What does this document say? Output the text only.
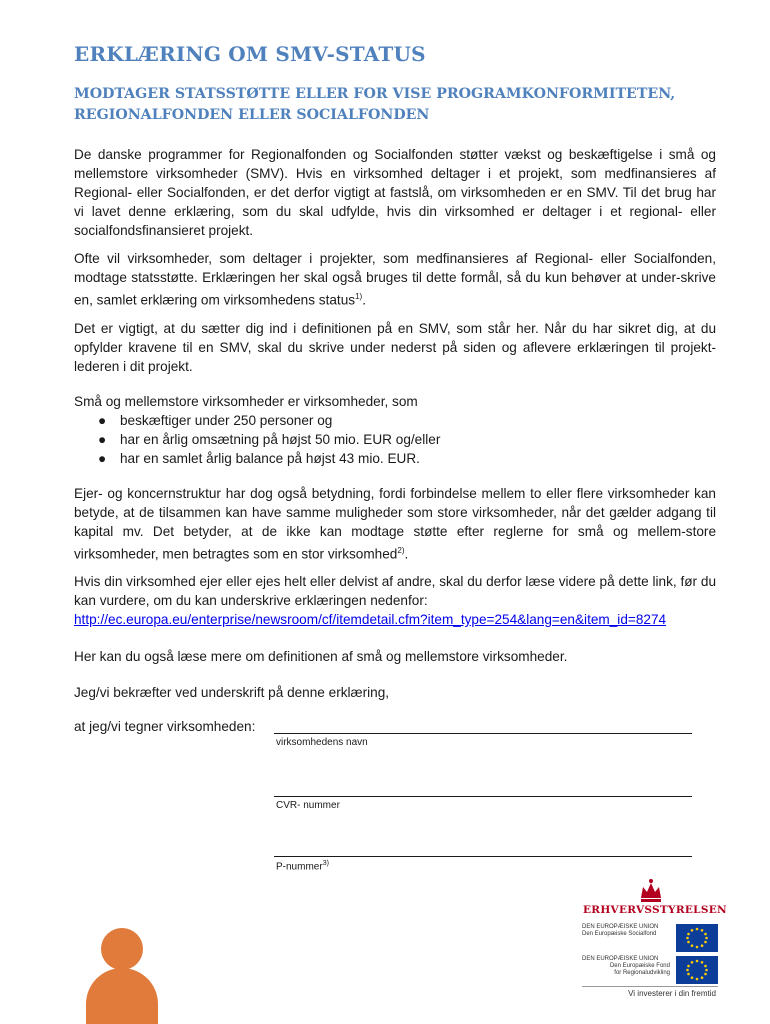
ERKLÆRING OM SMV-STATUS
MODTAGER STATSSTØTTE ELLER FOR VISE PROGRAMKONFORMITETEN, REGIONALFONDEN ELLER SOCIALFONDEN

De danske programmer for Regionalfonden og Socialfonden støtter vækst og beskæftigelse i små og mellemstore virksomheder (SMV). Hvis en virksomhed deltager i et projekt, som medfinansieres af Regional- eller Socialfonden, er det derfor vigtigt at fastslå, om virksomheden er en SMV. Til det brug har vi lavet denne erklæring, som du skal udfylde, hvis din virksomhed er deltager i et regional- eller socialfondsfinansieret projekt.

Ofte vil virksomheder, som deltager i projekter, som medfinansieres af Regional- eller Socialfonden, modtage statsstøtte. Erklæringen her skal også bruges til dette formål, så du kun behøver at under-skrive en, samlet erklæring om virksomhedens status$^{1)}$.

Det er vigtigt, at du sætter dig ind i definitionen på en SMV, som står her. Når du har sikret dig, at du opfylder kravene til en SMV, skal du skrive under nederst på siden og aflevere erklæringen til projekt-lederen i dit projekt.

Små og mellemstore virksomheder er virksomheder, som

● beskæftiger under 250 personer og
● har en årlig omsætning på højst 50 mio. EUR og/eller
● har en samlet årlig balance på højst 43 mio. EUR.

Ejer- og koncernstruktur har dog også betydning, fordi forbindelse mellem to eller flere virksomheder kan betyde, at de tilsammen kan have samme muligheder som store virksomheder, når det gælder adgang til kapital mv. Det betyder, at de ikke kan modtage støtte efter reglerne for små og mellem-store virksomheder, men betragtes som en stor virksomhed$^{2)}$.

Hvis din virksomhed ejer eller ejes helt eller delvist af andre, skal du derfor læse videre på dette link, før du kan vurdere, om du kan underskrive erklæringen nedenfor:

http://ec.europa.eu/enterprise/newsroom/cf/itemdetail.cfm?item_type=254&lang=en&item_id=8274

Her kan du også læse mere om definitionen af små og mellemstore virksomheder.

Jeg/vi bekræfter ved underskrift på denne erklæring,

at jeg/vi tegner virksomheden:

virksomhedens navn
CVR- nummer
P-nummer$^{3)}$
ERHVERVSSTYRELSEN
DEN EUROPÆISKE UNION
Den Europæiske Socialfond
DEN EUROPÆISKE UNION
Den Europæiske Fond
for Regionaludvikling
Vi investerer i din fremtid
